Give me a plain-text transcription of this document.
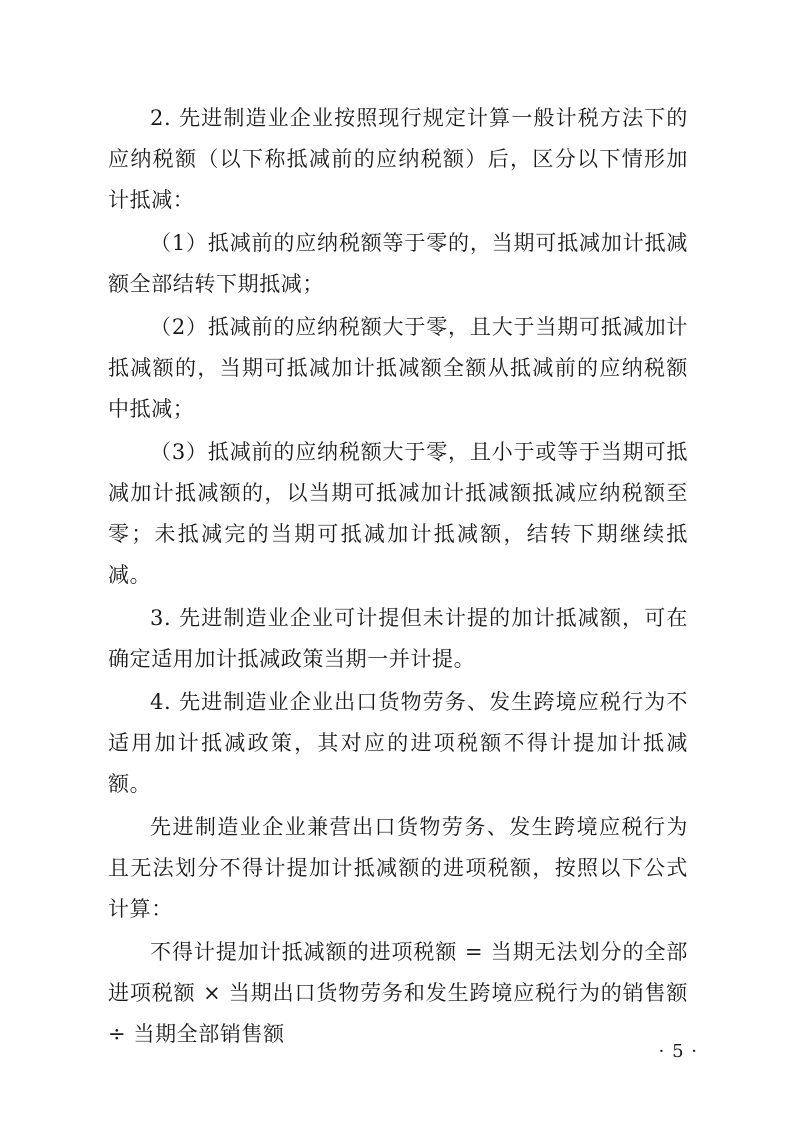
2. 先进制造业企业按照现行规定计算一般计税方法下的应纳税额（以下称抵减前的应纳税额）后，区分以下情形加计抵减：

（1）抵减前的应纳税额等于零的，当期可抵减加计抵减额全部结转下期抵减；

（2）抵减前的应纳税额大于零，且大于当期可抵减加计抵减额的，当期可抵减加计抵减额全额从抵减前的应纳税额中抵减；

（3）抵减前的应纳税额大于零，且小于或等于当期可抵减加计抵减额的，以当期可抵减加计抵减额抵减应纳税额至零；未抵减完的当期可抵减加计抵减额，结转下期继续抵减。

3. 先进制造业企业可计提但未计提的加计抵减额，可在确定适用加计抵减政策当期一并计提。

4. 先进制造业企业出口货物劳务、发生跨境应税行为不适用加计抵减政策，其对应的进项税额不得计提加计抵减额。

先进制造业企业兼营出口货物劳务、发生跨境应税行为且无法划分不得计提加计抵减额的进项税额，按照以下公式计算：

不得计提加计抵减额的进项税额 = 当期无法划分的全部进项税额 × 当期出口货物劳务和发生跨境应税行为的销售额 ÷ 当期全部销售额

· 5 ·
